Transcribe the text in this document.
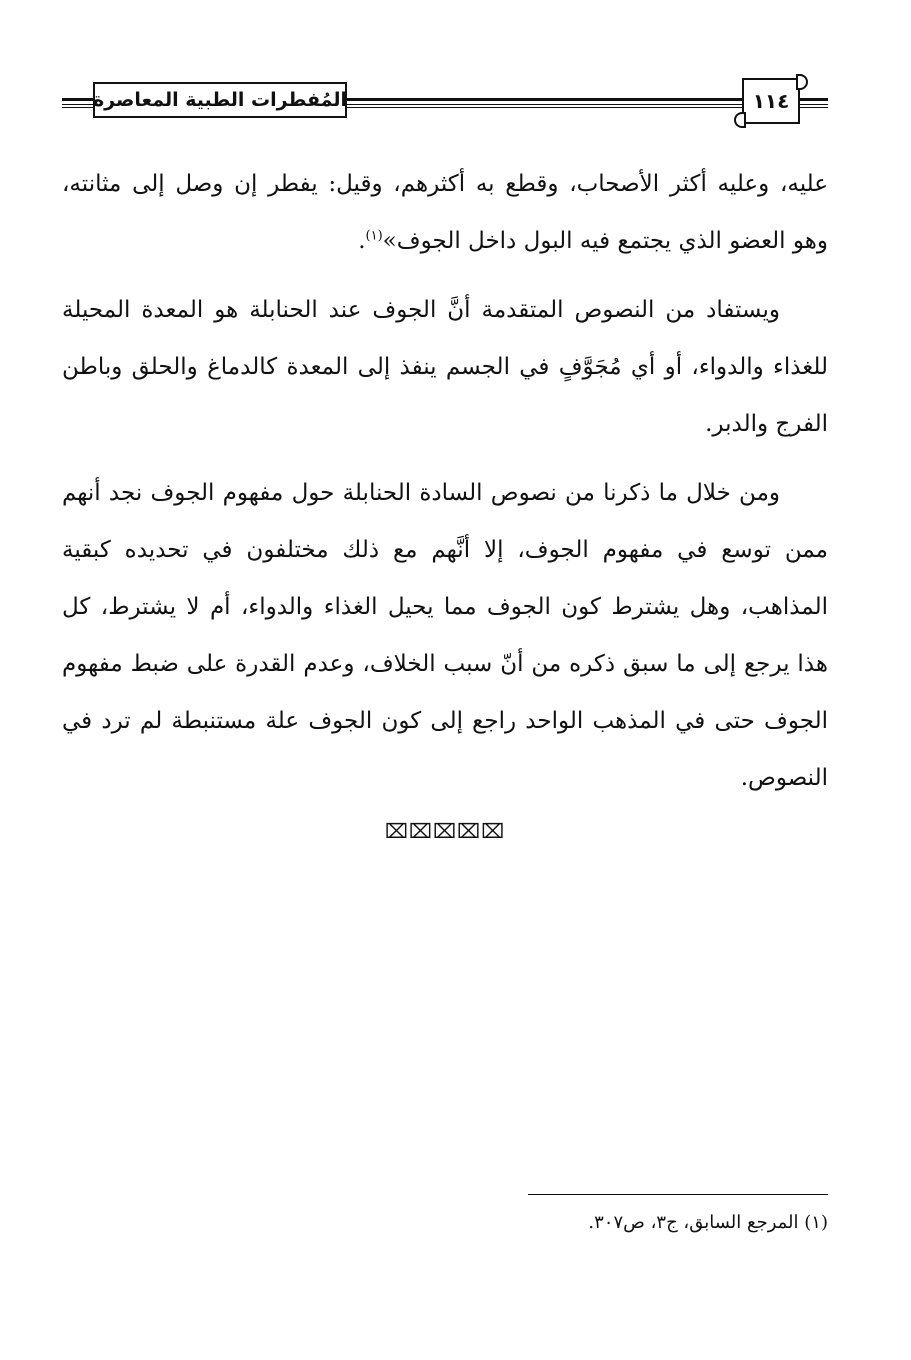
المُفطرات الطبية المعاصرة	١١٤

عليه، وعليه أكثر الأصحاب، وقطع به أكثرهم، وقيل: يفطر إن وصل إلى مثانته، وهو العضو الذي يجتمع فيه البول داخل الجوف»$^{(١)}$.

ويستفاد من النصوص المتقدمة أنَّ الجوف عند الحنابلة هو المعدة المحيلة للغذاء والدواء، أو أي مُجَوَّفٍ في الجسم ينفذ إلى المعدة كالدماغ والحلق وباطن الفرج والدبر.

ومن خلال ما ذكرنا من نصوص السادة الحنابلة حول مفهوم الجوف نجد أنهم ممن توسع في مفهوم الجوف، إلا أنَّهم مع ذلك مختلفون في تحديده كبقية المذاهب، وهل يشترط كون الجوف مما يحيل الغذاء والدواء، أم لا يشترط، كل هذا يرجع إلى ما سبق ذكره من أنّ سبب الخلاف، وعدم القدرة على ضبط مفهوم الجوف حتى في المذهب الواحد راجع إلى كون الجوف علة مستنبطة لم ترد في النصوص.

⌧⌧⌧⌧⌧
(١) المرجع السابق، ج٣، ص٣٠٧.
